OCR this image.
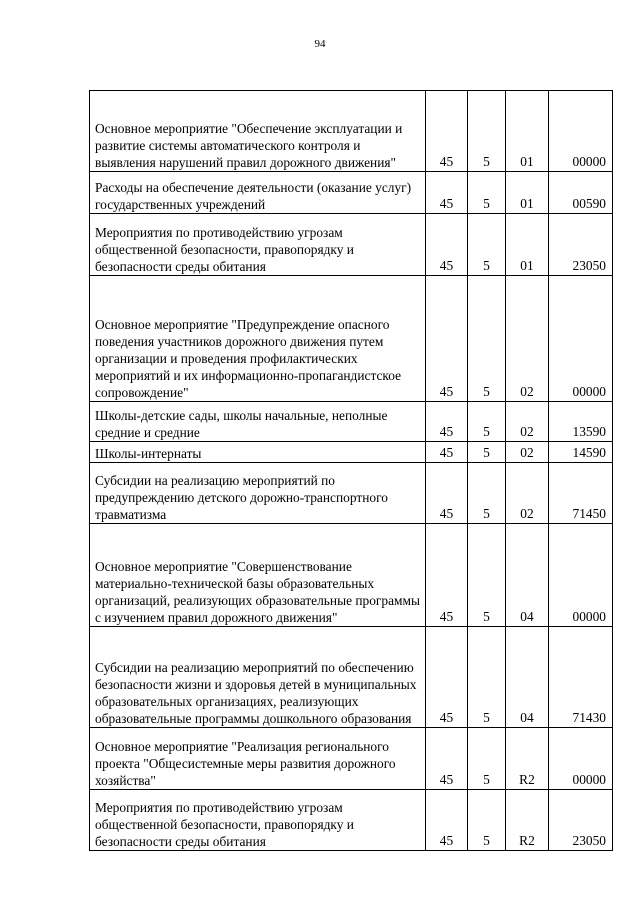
94
Основное мероприятие "Обеспечение эксплуатации и развитие системы автоматического контроля и выявления нарушений правил дорожного движения"	45	5	01	00000
Расходы на обеспечение деятельности (оказание услуг) государственных учреждений	45	5	01	00590
Мероприятия по противодействию угрозам общественной безопасности, правопорядку и безопасности среды обитания	45	5	01	23050
Основное мероприятие "Предупреждение опасного поведения участников дорожного движения путем организации и проведения профилактических мероприятий и их информационно-пропагандистское сопровождение"	45	5	02	00000
Школы-детские сады, школы начальные, неполные средние и средние	45	5	02	13590
Школы-интернаты	45	5	02	14590
Субсидии на реализацию мероприятий по предупреждению детского дорожно-транспортного травматизма	45	5	02	71450
Основное мероприятие "Совершенствование материально-технической базы образовательных организаций, реализующих образовательные программы с изучением правил дорожного движения"	45	5	04	00000
Субсидии на реализацию мероприятий по обеспечению безопасности жизни и здоровья детей в муниципальных образовательных организациях, реализующих образовательные программы дошкольного образования	45	5	04	71430
Основное мероприятие "Реализация регионального проекта "Общесистемные меры развития дорожного хозяйства"	45	5	R2	00000
Мероприятия по противодействию угрозам общественной безопасности, правопорядку и безопасности среды обитания	45	5	R2	23050
